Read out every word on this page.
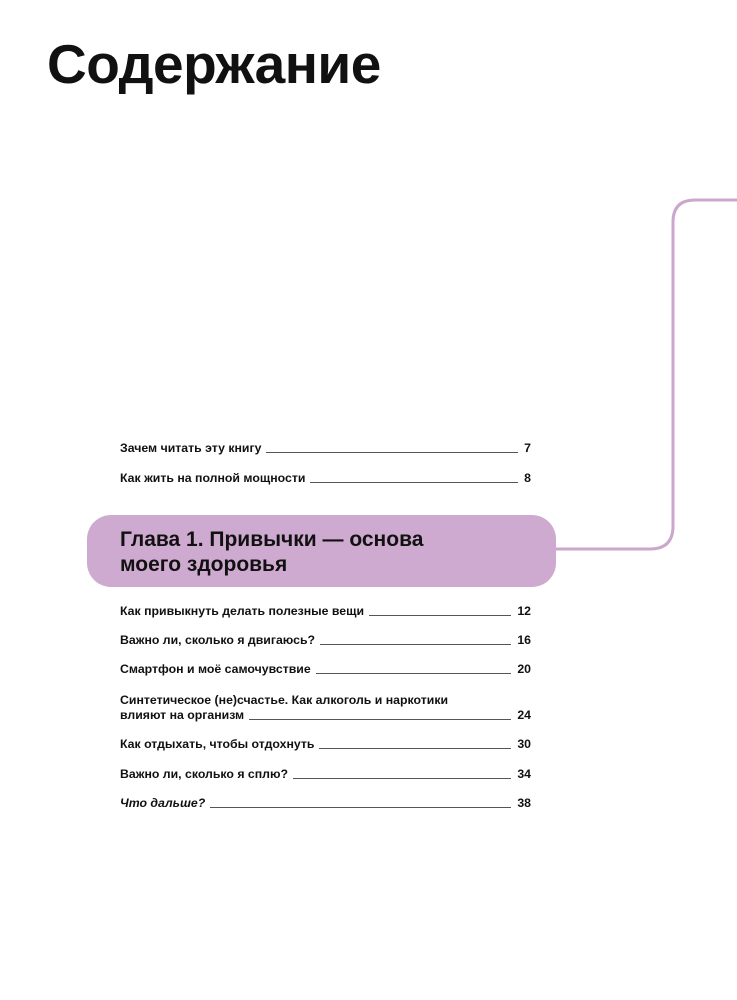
Содержание
Зачем читать эту книгу	7
Как жить на полной мощности	8
Глава 1. Привычки — основа
моего здоровья
Как привыкнуть делать полезные вещи	12
Важно ли, сколько я двигаюсь?	16
Смартфон и моё самочувствие	20
Синтетическое (не)счастье. Как алкоголь и наркотики
влияют на организм	24
Как отдыхать, чтобы отдохнуть	30
Важно ли, сколько я сплю?	34
Что дальше?	38
